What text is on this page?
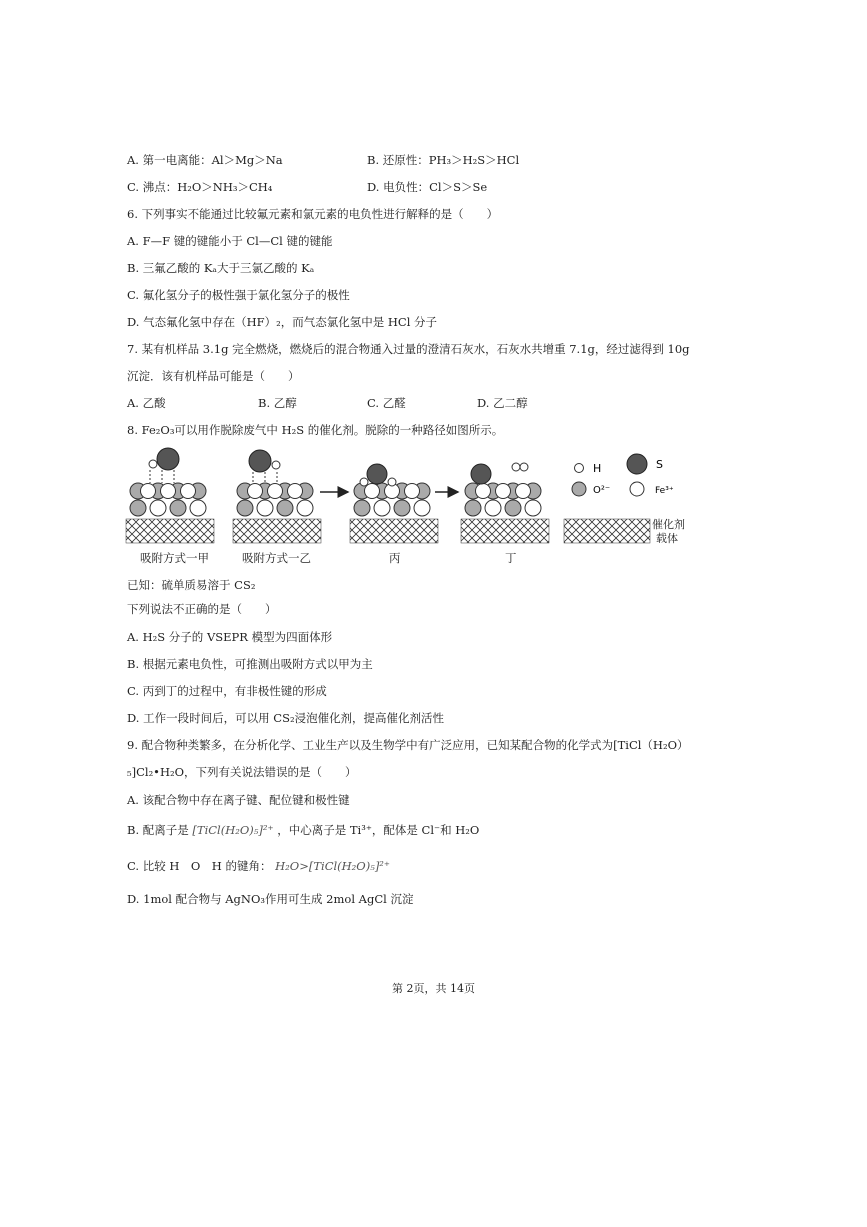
A. 第一电离能：Al＞Mg＞Na	B. 还原性：PH₃＞H₂S＞HCl
C. 沸点：H₂O＞NH₃＞CH₄	D. 电负性：Cl＞S＞Se
6. 下列事实不能通过比较氟元素和氯元素的电负性进行解释的是（　　）
A. F—F 键的键能小于 Cl—Cl 键的键能
B. 三氟乙酸的 Kₐ大于三氯乙酸的 Kₐ
C. 氟化氢分子的极性强于氯化氢分子的极性
D. 气态氟化氢中存在（HF）₂，而气态氯化氢中是 HCl 分子
7. 某有机样品 3.1g 完全燃烧，燃烧后的混合物通入过量的澄清石灰水，石灰水共增重 7.1g，经过滤得到 10g
沉淀．该有机样品可能是（　　）
A. 乙酸	B. 乙醇	C. 乙醛	D. 乙二醇
8. Fe₂O₃可以用作脱除废气中 H₂S 的催化剂。脱除的一种路径如图所示。
H	S
O²⁻	Fe³⁺
吸附方式一甲	吸附方式一乙	丙	丁
催化剂
载体
已知：硫单质易溶于 CS₂
下列说法不正确的是（　　）
A. H₂S 分子的 VSEPR 模型为四面体形
B. 根据元素电负性，可推测出吸附方式以甲为主
C. 丙到丁的过程中，有非极性键的形成
D. 工作一段时间后，可以用 CS₂浸泡催化剂，提高催化剂活性
9. 配合物种类繁多，在分析化学、工业生产以及生物学中有广泛应用，已知某配合物的化学式为[TiCl（H₂O）
₅]Cl₂•H₂O，下列有关说法错误的是（　　）
A. 该配合物中存在离子键、配位键和极性键
B. 配离子是 [TiCl(H₂O)₅]²⁺ ，中心离子是 Ti³⁺，配体是 Cl⁻和 H₂O
C. 比较 H　O　H 的键角： H₂O>[TiCl(H₂O)₅]²⁺
D. 1mol 配合物与 AgNO₃作用可生成 2mol AgCl 沉淀
第 2页，共 14页
